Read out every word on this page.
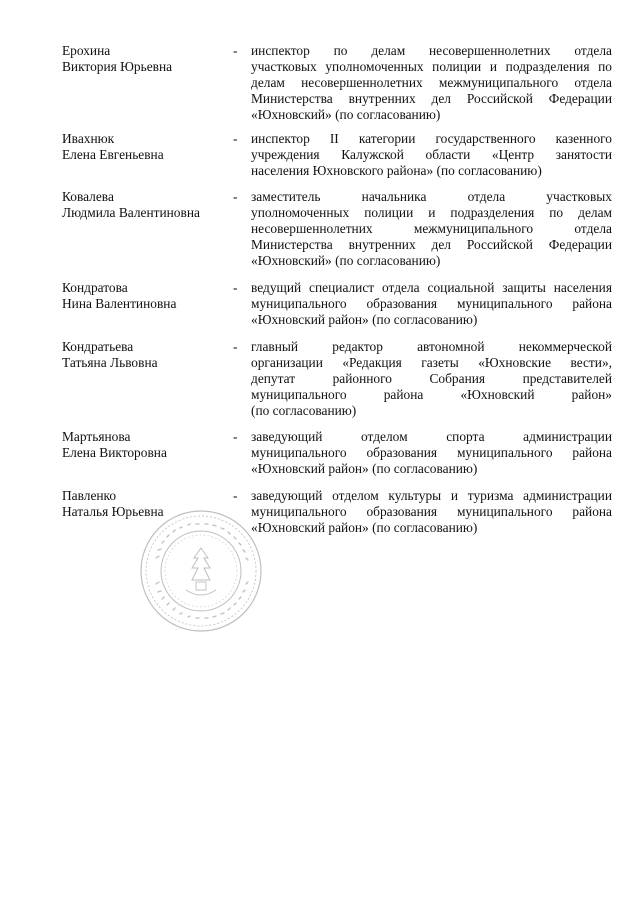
Ерохина
Виктория Юрьевна
- инспектор по делам несовершеннолетних отдела
участковых уполномоченных полиции и подразделения по
делам несовершеннолетних межмуниципального отдела
Министерства внутренних дел Российской Федерации
«Юхновский» (по согласованию)
Ивахнюк
Елена Евгеньевна
- инспектор II категории государственного казенного
учреждения Калужской области «Центр занятости
населения Юхновского района» (по согласованию)
Ковалева
Людмила Валентиновна
- заместитель начальника отдела участковых
уполномоченных полиции и подразделения по делам
несовершеннолетних межмуниципального отдела
Министерства внутренних дел Российской Федерации
«Юхновский» (по согласованию)
Кондратова
Нина Валентиновна
- ведущий специалист отдела социальной защиты населения
муниципального образования муниципального района
«Юхновский район» (по согласованию)
Кондратьева
Татьяна Львовна
- главный редактор автономной некоммерческой
организации «Редакция газеты «Юхновские вести»,
депутат районного Собрания представителей
муниципального района «Юхновский район»
(по согласованию)
Мартьянова
Елена Викторовна
- заведующий отделом спорта администрации
муниципального образования муниципального района
«Юхновский район» (по согласованию)
Павленко
Наталья Юрьевна
- заведующий отделом культуры и туризма администрации
муниципального образования муниципального района
«Юхновский район» (по согласованию)
